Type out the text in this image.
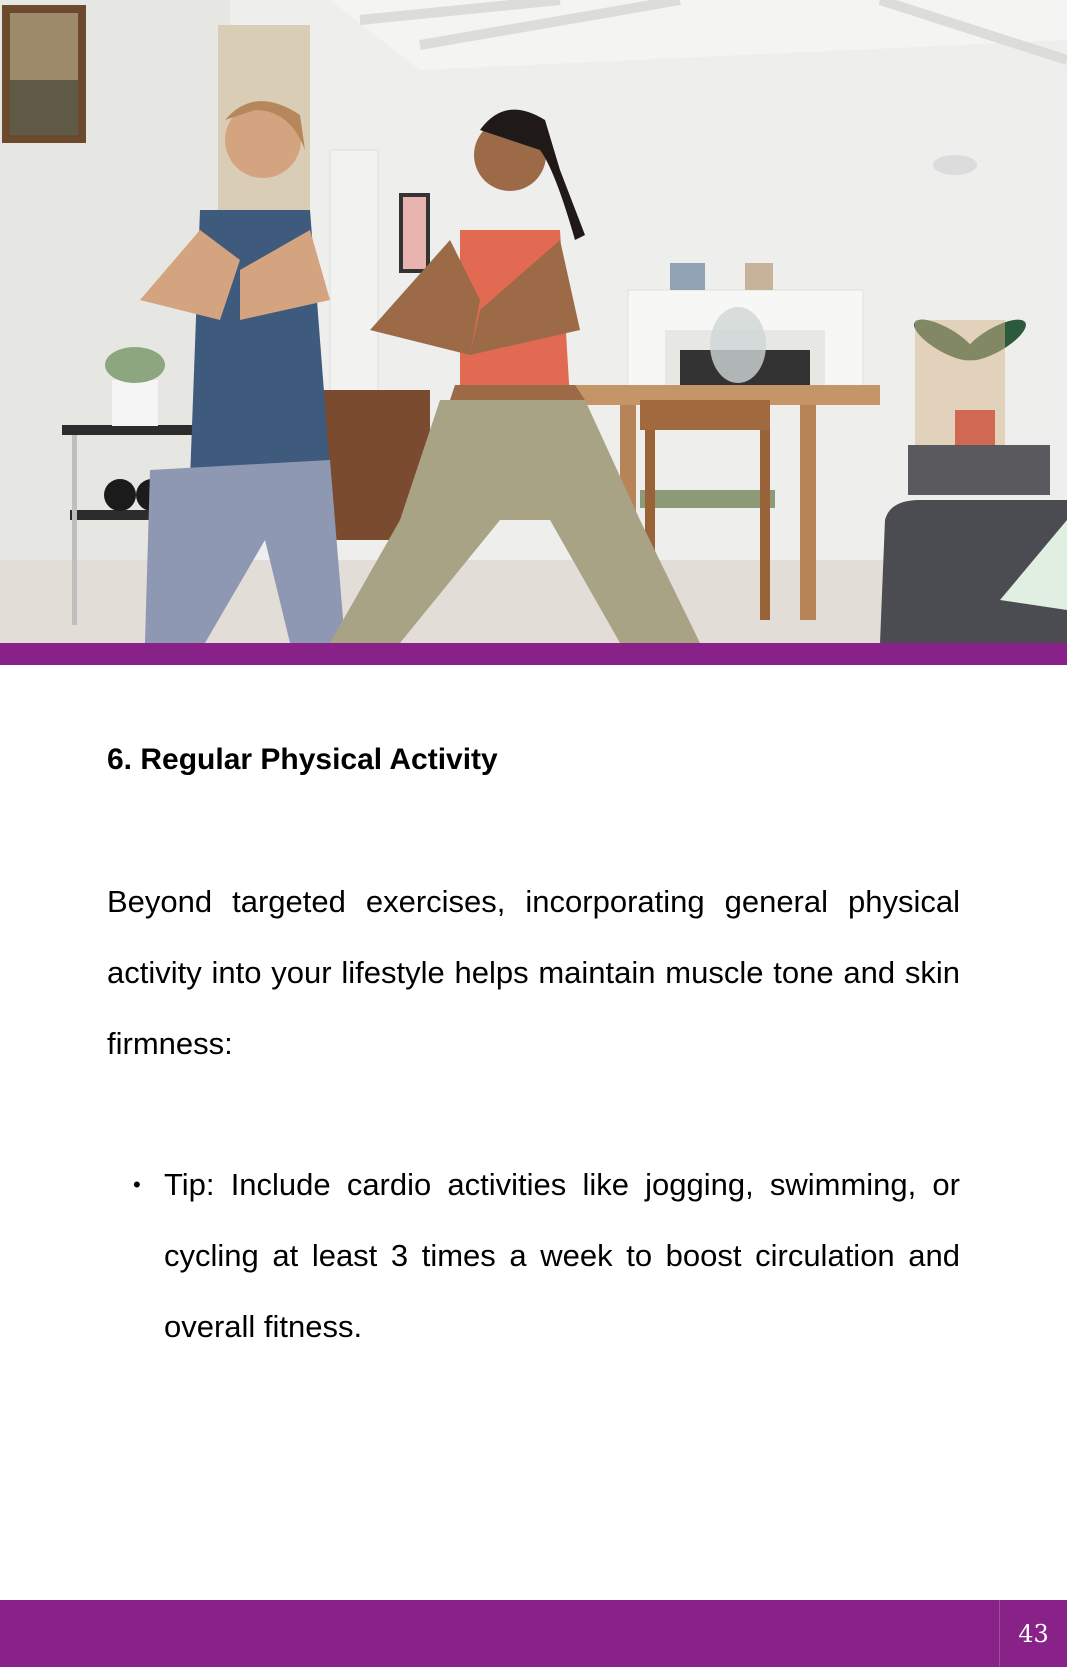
6. Regular Physical Activity

Beyond targeted exercises, incorporating general physical activity into your lifestyle helps maintain muscle tone and skin firmness:

• Tip: Include cardio activities like jogging, swimming, or cycling at least 3 times a week to boost circulation and overall fitness.
43
